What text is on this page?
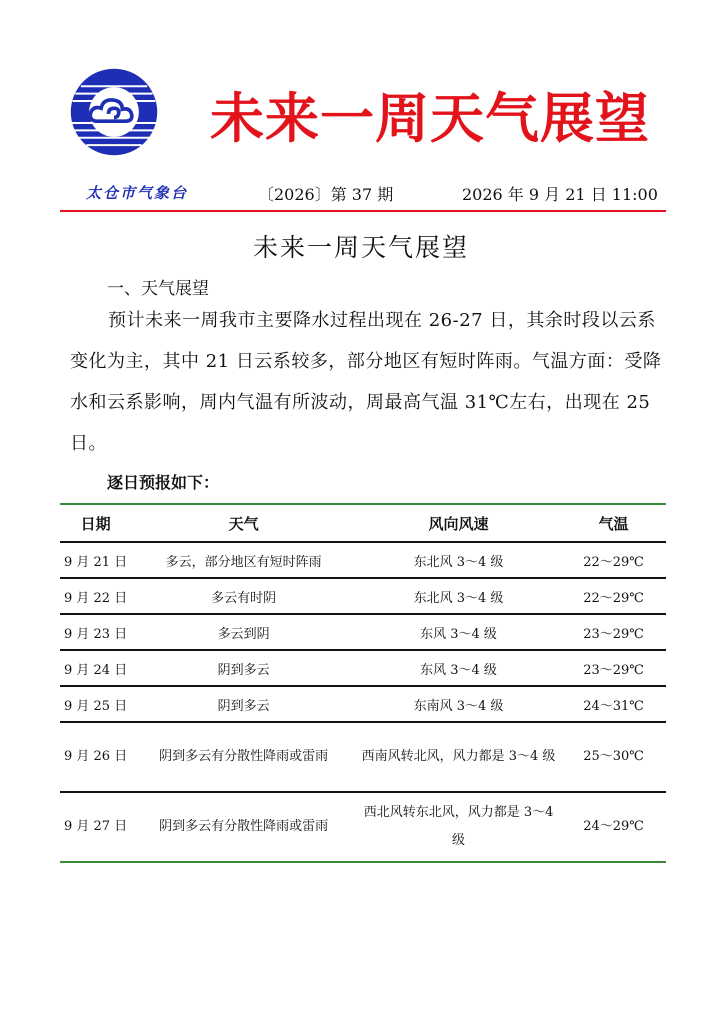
未来一周天气展望
太仓市气象台	〔2026〕第 37 期	2026 年 9 月 21 日 11:00
未来一周天气展望
一、天气展望

预计未来一周我市主要降水过程出现在 26-27 日，其余时段以云系变化为主，其中 21 日云系较多，部分地区有短时阵雨。气温方面：受降水和云系影响，周内气温有所波动，周最高气温 31℃左右，出现在 25 日。

逐日预报如下：
日期	天气	风向风速	气温
9 月 21 日	多云，部分地区有短时阵雨	东北风 3～4 级	22～29℃
9 月 22 日	多云有时阴	东北风 3～4 级	22～29℃
9 月 23 日	多云到阴	东风 3～4 级	23～29℃
9 月 24 日	阴到多云	东风 3～4 级	23～29℃
9 月 25 日	阴到多云	东南风 3～4 级	24～31℃
9 月 26 日	阴到多云有分散性降雨或雷雨	西南风转北风，风力都是 3～4 级	25～30℃
9 月 27 日	阴到多云有分散性降雨或雷雨	西北风转东北风，风力都是 3～4 级	24～29℃
